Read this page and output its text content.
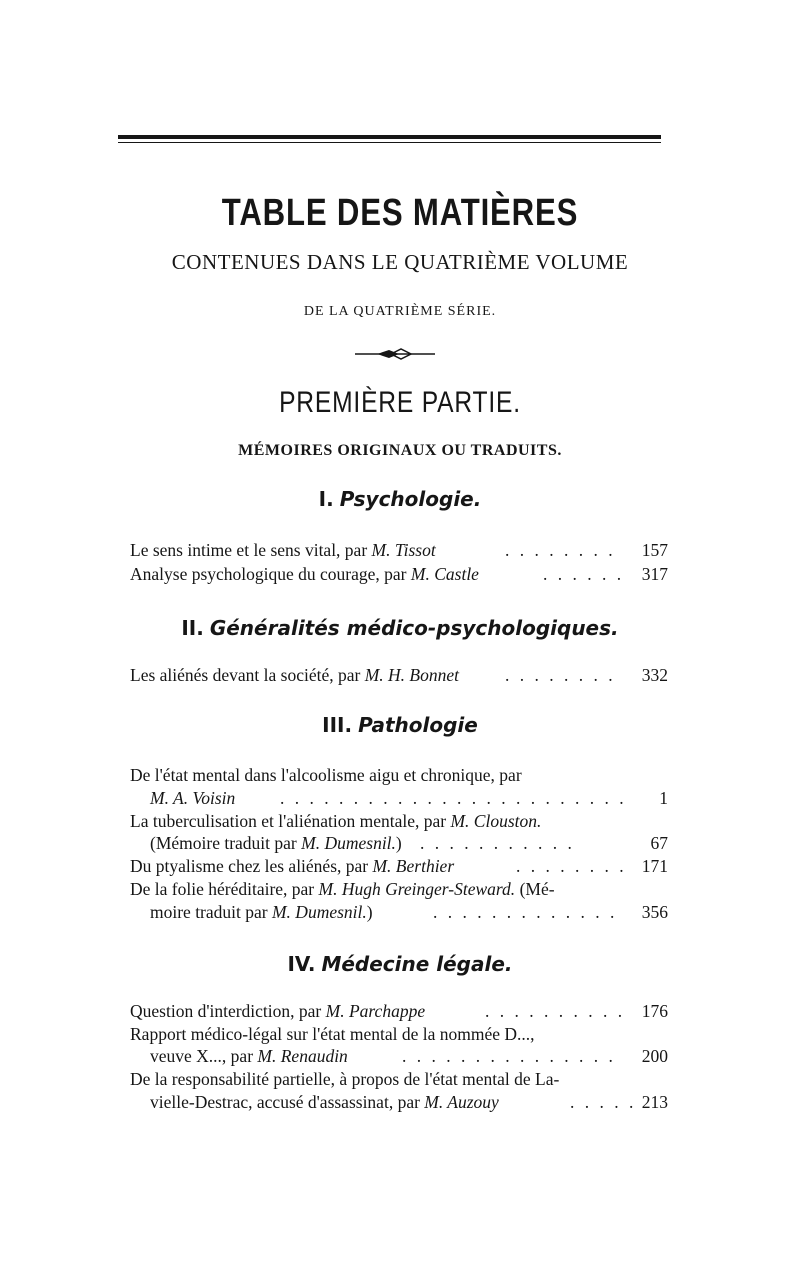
TABLE DES MATIÈRES
CONTENUES DANS LE QUATRIÈME VOLUME
DE LA QUATRIÈME SÉRIE.
PREMIÈRE PARTIE.
MÉMOIRES ORIGINAUX OU TRADUITS.
I. Psychologie.
Le sens intime et le sens vital, par M. Tissot	. . . . . . . . 157
Analyse psychologique du courage, par M. Castle	. . . . . . 317
II. Généralités médico-psychologiques.
Les aliénés devant la société, par M. H. Bonnet	. . . . . . . . 332
III. Pathologie
De l'état mental dans l'alcoolisme aigu et chronique, par
M. A. Voisin	. . . . . . . . . . . . . . . . . . . . . . . . 1
La tuberculisation et l'aliénation mentale, par M. Clouston.
(Mémoire traduit par M. Dumesnil.) . . . . . . . . . . .	67
Du ptyalisme chez les aliénés, par M. Berthier	. . . . . . . . 171
De la folie héréditaire, par M. Hugh Greinger-Steward. (Mé-
moire traduit par M. Dumesnil.)	. . . . . . . . . . . . . 356
IV. Médecine légale.
Question d'interdiction, par M. Parchappe	. . . . . . . . . . 176
Rapport médico-légal sur l'état mental de la nommée D...,
veuve X..., par M. Renaudin	. . . . . . . . . . . . . . . 200
De la responsabilité partielle, à propos de l'état mental de La-
vielle-Destrac, accusé d'assassinat, par M. Auzouy	. . . . . 213
